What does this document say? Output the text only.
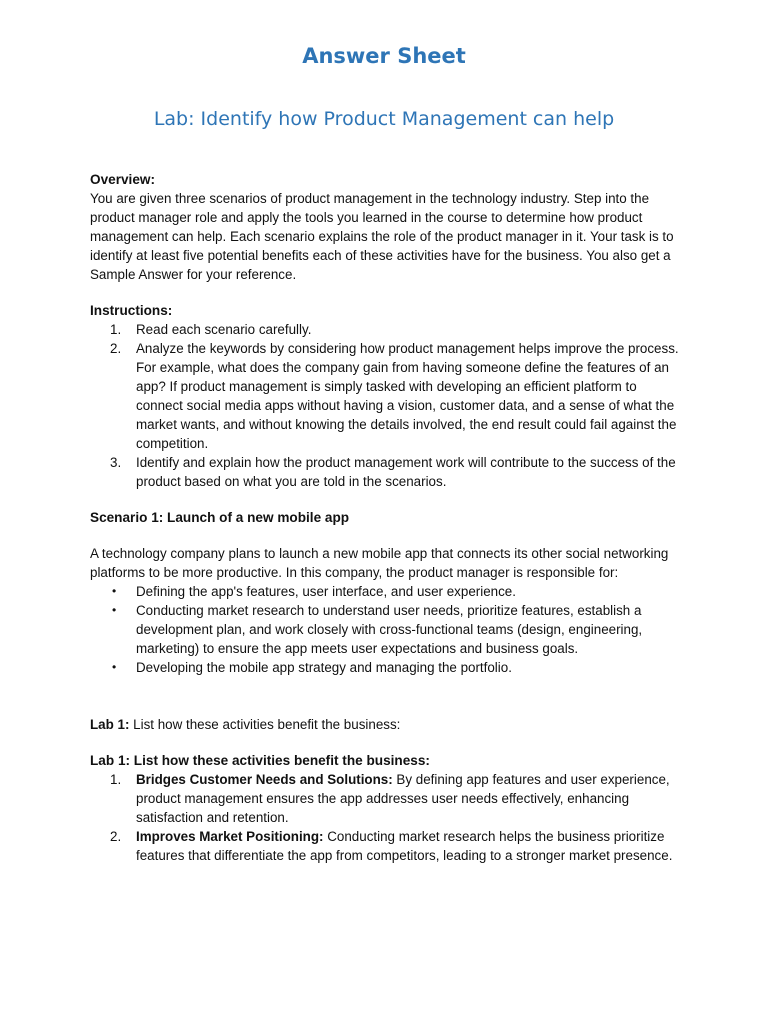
Answer Sheet
Lab: Identify how Product Management can help

Overview:

You are given three scenarios of product management in the technology industry. Step into the product manager role and apply the tools you learned in the course to determine how product management can help. Each scenario explains the role of the product manager in it. Your task is to identify at least five potential benefits each of these activities have for the business. You also get a Sample Answer for your reference.

Instructions:

1. Read each scenario carefully.
2. Analyze the keywords by considering how product management helps improve the process. For example, what does the company gain from having someone define the features of an app? If product management is simply tasked with developing an efficient platform to connect social media apps without having a vision, customer data, and a sense of what the market wants, and without knowing the details involved, the end result could fail against the competition.
3. Identify and explain how the product management work will contribute to the success of the product based on what you are told in the scenarios.

Scenario 1: Launch of a new mobile app

A technology company plans to launch a new mobile app that connects its other social networking platforms to be more productive. In this company, the product manager is responsible for:

• Defining the app's features, user interface, and user experience.
• Conducting market research to understand user needs, prioritize features, establish a development plan, and work closely with cross-functional teams (design, engineering, marketing) to ensure the app meets user expectations and business goals.
• Developing the mobile app strategy and managing the portfolio.

Lab 1: List how these activities benefit the business:

Lab 1: List how these activities benefit the business:

1. Bridges Customer Needs and Solutions: By defining app features and user experience, product management ensures the app addresses user needs effectively, enhancing satisfaction and retention.
2. Improves Market Positioning: Conducting market research helps the business prioritize features that differentiate the app from competitors, leading to a stronger market presence.
